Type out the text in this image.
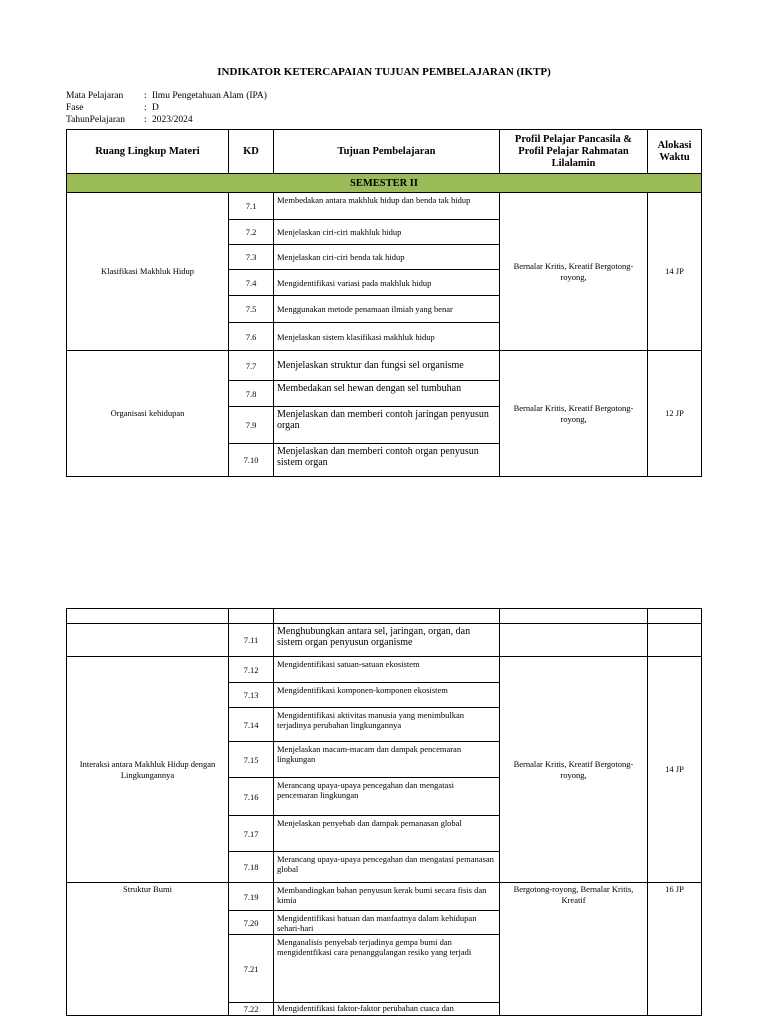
INDIKATOR KETERCAPAIAN TUJUAN PEMBELAJARAN (IKTP)
Mata Pelajaran : Ilmu Pengetahuan Alam (IPA)
Fase	: D
TahunPelajaran : 2023/2024
Ruang Lingkup Materi	KD	Tujuan Pembelajaran	Profil Pelajar Pancasila & Profil Pelajar Rahmatan Lilalamin	Alokasi Waktu
SEMESTER II				
Klasifikasi Makhluk Hidup	7.1	Membedakan antara makhluk hidup dan benda tak hidup	Bernalar Kritis, Kreatif Bergotong-royong,	14 JP
	7.2	Menjelaskan ciri-ciri makhluk hidup		
	7.3	Menjelaskan ciri-ciri benda tak hidup		
	7.4	Mengidentifikasi variasi pada makhluk hidup		
	7.5	Menggunakan metode penamaan ilmiah yang benar		
	7.6	Menjelaskan sistem klasifikasi makhluk hidup		
Organisasi kehidupan	7.7	Menjelaskan struktur dan fungsi sel organisme	Bernalar Kritis, Kreatif Bergotong-royong,	12 JP
	7.8	Membedakan sel hewan dengan sel tumbuhan		
	7.9	Menjelaskan dan memberi contoh jaringan penyusun organ		
	7.10	Menjelaskan dan memberi contoh organ penyusun sistem organ		

	7.11	Menghubungkan antara sel, jaringan, organ, dan sistem organ penyusun organisme		
Interaksi antara Makhluk Hidup dengan Lingkungannya	7.12	Mengidentifikasi satuan-satuan ekosistem	Bernalar Kritis, Kreatif Bergotong-royong,	14 JP
	7.13	Mengidentifikasi komponen-komponen ekosistem		
	7.14	Mengidentifikasi aktivitas manusia yang menimbulkan terjadinya perubahan lingkungannya		
	7.15	Menjelaskan macam-macam dan dampak pencemaran lingkungan		
	7.16	Merancang upaya-upaya pencegahan dan mengatasi pencemaran lingkungan		
	7.17	Menjelaskan penyebab dan dampak pemanasan global		
	7.18	Merancang upaya-upaya pencegahan dan mengatasi pemanasan global		
Struktur Bumi	7.19	Membandingkan bahan penyusun kerak bumi secara fisis dan kimia	Bergotong-royong, Bernalar Kritis, Kreatif	16 JP
	7.20	Mengidentifikasi batuan dan manfaatnya dalam kehidupan sehari-hari		
	7.21	Menganalisis penyebab terjadinya gempa bumi dan mengidentfikasi cara penanggulangan resiko yang terjadi		
	7.22	Mengidentifikasi faktor-faktor perubahan cuaca dan		
